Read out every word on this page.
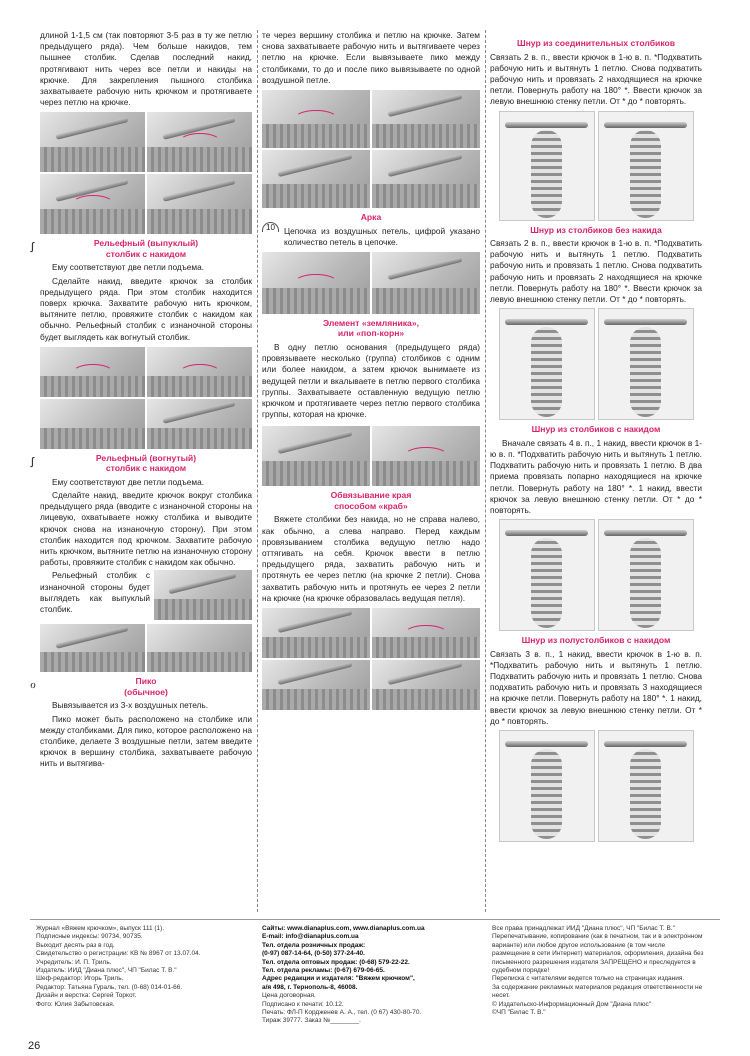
длиной 1-1,5 см (так повторяют 3-5 раз в ту же петлю предыдущего ряда). Чем больше накидов, тем пышнее столбик. Сделав последний накид, протягивают нить через все петли и накиды на крючке. Для закрепления пышного столбика захватываете рабочую нить крючком и протягиваете через петлю на крючке.

ꭍ	Рельефный (выпуклый)
столбик с накидом

Ему соответствуют две петли подъема.

Сделайте накид, введите крючок за столбик предыдущего ряда. При этом столбик находится поверх крючка. Захватите рабочую нить крючком, вытяните петлю, провяжите столбик с накидом как обычно. Рельефный столбик с изнаночной стороны будет выглядеть как вогнутый столбик.

ꭍ	Рельефный (вогнутый)
столбик с накидом

Ему соответствуют две петли подъема.

Сделайте накид, введите крючок вокруг столбика предыдущего ряда (вводите с изнаночной стороны на лицевую, охватываете ножку столбика и выводите крючок снова на изнаночную сторону). При этом столбик находится под крючком. Захватите рабочую нить крючком, вытяните петлю на изнаночную сторону работы, провяжите столбик с накидом как обычно.

Рельефный столбик с изнаночной стороны будет выглядеть как выпуклый столбик.

ℴ	Пико
(обычное)

Вывязывается из 3-х воздушных петель.

Пико может быть расположено на столбике или между столбиками. Для пико, которое расположено на столбике, делаете 3 воздушные петли, затем введите крючок в вершину столбика, захватываете рабочую нить и вытягива-

те через вершину столбика и петлю на крючке. Затем снова захватываете рабочую нить и вытягиваете через петлю на крючке. Если вывязываете пико между столбиками, то до и после пико вывязываете по одной воздушной петле.

Арка
10	Цепочка из воздушных петель, цифрой указано количество петель в цепочке.

Элемент «земляника»,
или «поп-корн»

В одну петлю основания (предыдущего ряда) провязываете несколько (группа) столбиков с одним или более накидом, а затем крючок вынимаете из ведущей петли и вкалываете в петлю первого столбика группы. Захватываете оставленную ведущую петлю крючком и протягиваете через петлю первого столбика группы, которая на крючке.

Обвязывание края
способом «краб»

Вяжете столбики без накида, но не справа налево, как обычно, а слева направо. Перед каждым провязыванием столбика ведущую петлю надо оттягивать на себя. Крючок ввести в петлю предыдущего ряда, захватить рабочую нить и протянуть ее через петлю (на крючке 2 петли). Снова захватить рабочую нить и протянуть ее через 2 петли на крючке (на крючке образовалась ведущая петля).

Шнур из соединительных столбиков

Связать 2 в. п., ввести крючок в 1-ю в. п. *Подхватить рабочую нить и вытянуть 1 петлю. Снова подхватить рабочую нить и провязать 2 находящиеся на крючке петли. Повернуть работу на 180° *. Ввести крючок за левую внешнюю стенку петли. От * до * повторять.

Шнур из столбиков без накида

Связать 2 в. п., ввести крючок в 1-ю в. п. *Подхватить рабочую нить и вытянуть 1 петлю. Подхватить рабочую нить и провязать 1 петлю. Снова подхватить рабочую нить и провязать 2 находящиеся на крючке петли. Повернуть работу на 180° *. Ввести крючок за левую внешнюю стенку петли. От * до * повторять.

Шнур из столбиков с накидом

Вначале связать 4 в. п., 1 накид, ввести крючок в 1-ю в. п. *Подхватить рабочую нить и вытянуть 1 петлю. Подхватить рабочую нить и провязать 1 петлю. В два приема провязать попарно находящиеся на крючке петли. Повернуть работу на 180° *. 1 накид, ввести крючок за левую внешнюю стенку петли. От * до * повторять.

Шнур из полустолбиков с накидом

Связать 3 в. п., 1 накид, ввести крючок в 1-ю в. п. *Подхватить рабочую нить и вытянуть 1 петлю. Подхватить рабочую нить и провязать 1 петлю. Снова подхватить рабочую нить и провязать 3 находящиеся на крючке петли. Повернуть работу на 180° *. 1 накид, ввести крючок за левую внешнюю стенку петли. От * до * повторять.

Журнал «Вяжем крючком», выпуск 111 (1).
Подписные индексы: 90734, 90735.
Выходит десять раз в год.
Свидетельство о регистрации: КВ № 8967 от 13.07.04.
Учредитель: И. П. Триль.
Издатель: ИИД "Диана плюс", ЧП "Билас Т. В."
Шеф-редактор: Игорь Триль.
Редактор: Татьяна Гураль, тел. (0-68) 014-01-66.
Дизайн и верстка: Сергей Торкот.
Фото: Юлия Забытовская.
Сайты: www.dianaplus.com, www.dianaplus.com.ua
E-mail: info@dianaplus.com.ua
Тел. отдела розничных продаж:
(0-97) 087-14-64, (0-50) 377-24-40.
Тел. отдела оптовых продаж: (0-68) 579-22-22.
Тел. отдела рекламы: (0-67) 679-06-65.
Адрес редакции и издателя: "Вяжем крючком",
а/я 498, г. Тернополь-8, 46008.
Цена договорная.
Подписано к печати: 10.12.
Печать: ФЛ-П Кордженев А. А., тел. (0 67) 430-80-70.
Тираж 39777. Заказ №________.
Все права принадлежат ИИД "Диана плюс", ЧП "Билас Т. В."
Перепечатывание, копирование (как в печатном, так и в электронном варианте) или любое другое использование (в том числе размещение в сети Интернет) материалов, оформления, дизайна без письменного разрешения издателя ЗАПРЕЩЕНО и преследуется в судебном порядке!
Переписка с читателями ведется только на страницах издания.
За содержание рекламных материалов редакция ответственности не несет.
© Издательско-Информационный Дом "Диана плюс"
©ЧП "Билас Т. В."
26
